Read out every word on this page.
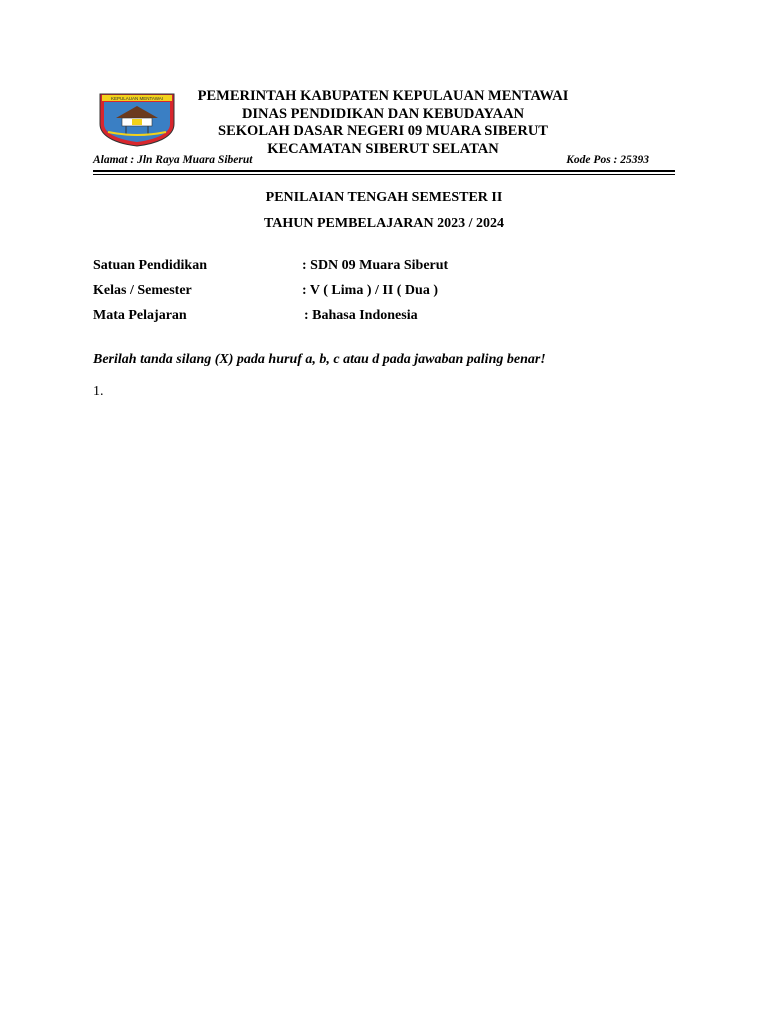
KEPULAUAN MENTAWAI	PEMERINTAH KABUPATEN KEPULAUAN MENTAWAI
DINAS PENDIDIKAN DAN KEBUDAYAAN
SEKOLAH DASAR NEGERI 09 MUARA SIBERUT
KECAMATAN SIBERUT SELATAN
Alamat : Jln Raya Muara Siberut	Kode Pos : 25393
PENILAIAN TENGAH SEMESTER II
TAHUN PEMBELAJARAN 2023 / 2024
Satuan Pendidikan	: SDN 09 Muara Siberut
Kelas / Semester	: V ( Lima ) / II ( Dua )
Mata Pelajaran	: Bahasa Indonesia
Berilah tanda silang (X) pada huruf a, b, c atau d pada jawaban paling benar!
1.
